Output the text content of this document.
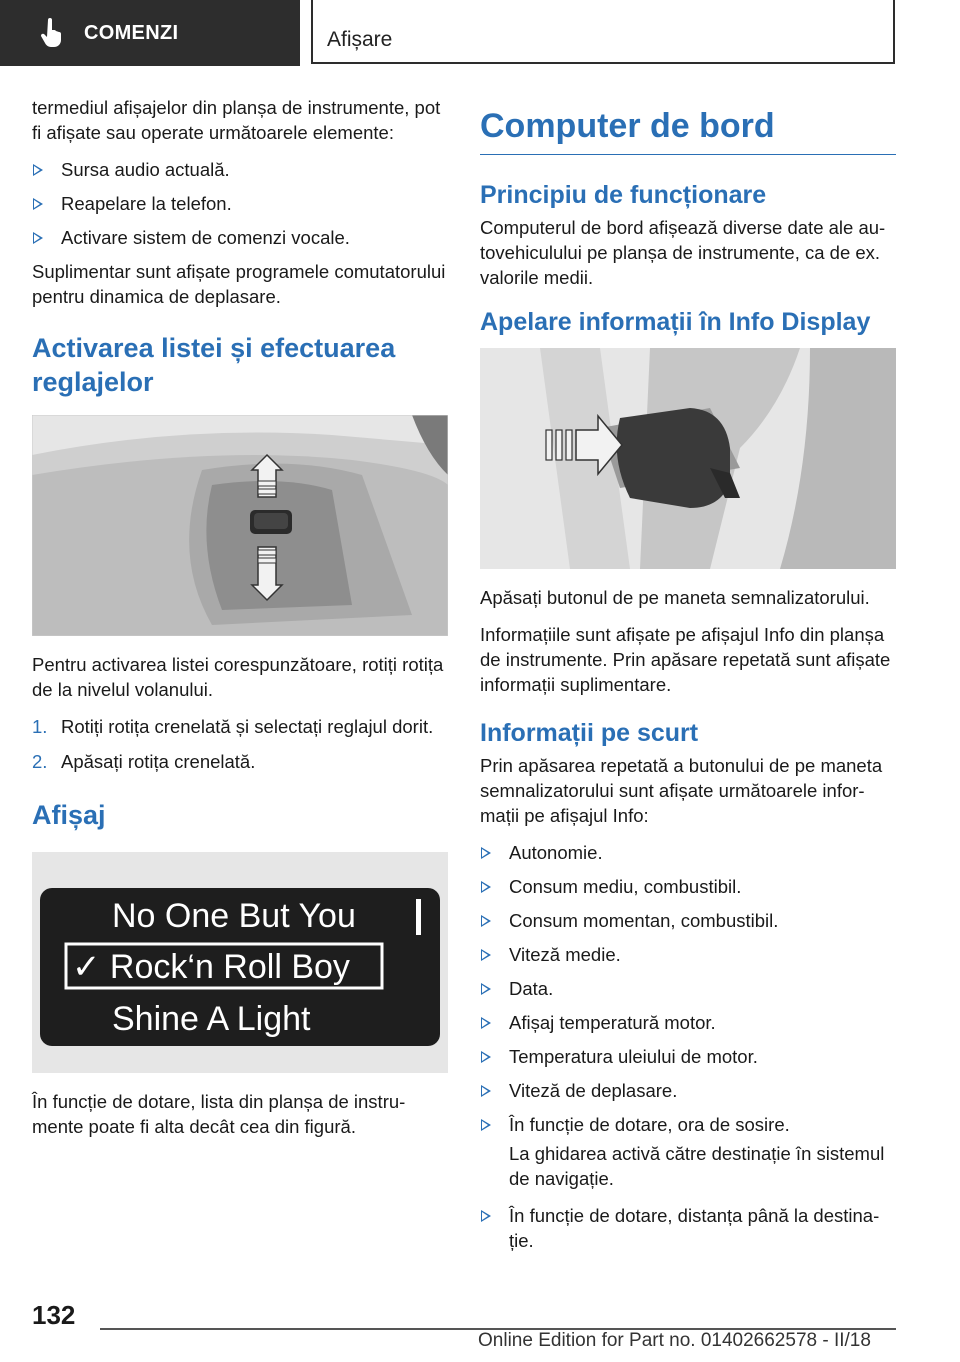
COMENZI	Afișare

termediul afișajelor din planșa de instrumente, pot fi afișate sau operate următoarele elemente:

Sursa audio actuală.
Reapelare la telefon.
Activare sistem de comenzi vocale.

Suplimentar sunt afișate programele comutatorului pentru dinamica de deplasare.

Activarea listei și efectuarea reglajelor

Pentru activarea listei corespunzătoare, rotiți rotița de la nivelul volanului.

1. Rotiți rotița crenelată și selectați reglajul dorit.
2. Apăsați rotița crenelată.
Afișaj
No One But You
✓ Rock‘n Roll Boy
Shine A Light

În funcție de dotare, lista din planșa de instrumente poate fi alta decât cea din figură.

Computer de bord
Principiu de funcționare

Computerul de bord afișează diverse date ale autovehiculului pe planșa de instrumente, ca de ex. valorile medii.

Apelare informații în Info Display

Apăsați butonul de pe maneta semnalizatorului.

Informațiile sunt afișate pe afișajul Info din planșa de instrumente. Prin apăsare repetată sunt afișate informații suplimentare.

Informații pe scurt

Prin apăsarea repetată a butonului de pe maneta semnalizatorului sunt afișate următoarele informații pe afișajul Info:

Autonomie.
Consum mediu, combustibil.
Consum momentan, combustibil.
Viteză medie.
Data.
Afișaj temperatură motor.
Temperatura uleiului de motor.
Viteză de deplasare.
În funcție de dotare, ora de sosire.

La ghidarea activă către destinație în sistemul de navigație.

În funcție de dotare, distanța până la destinație.
132
Online Edition for Part no. 01402662578 - II/18
